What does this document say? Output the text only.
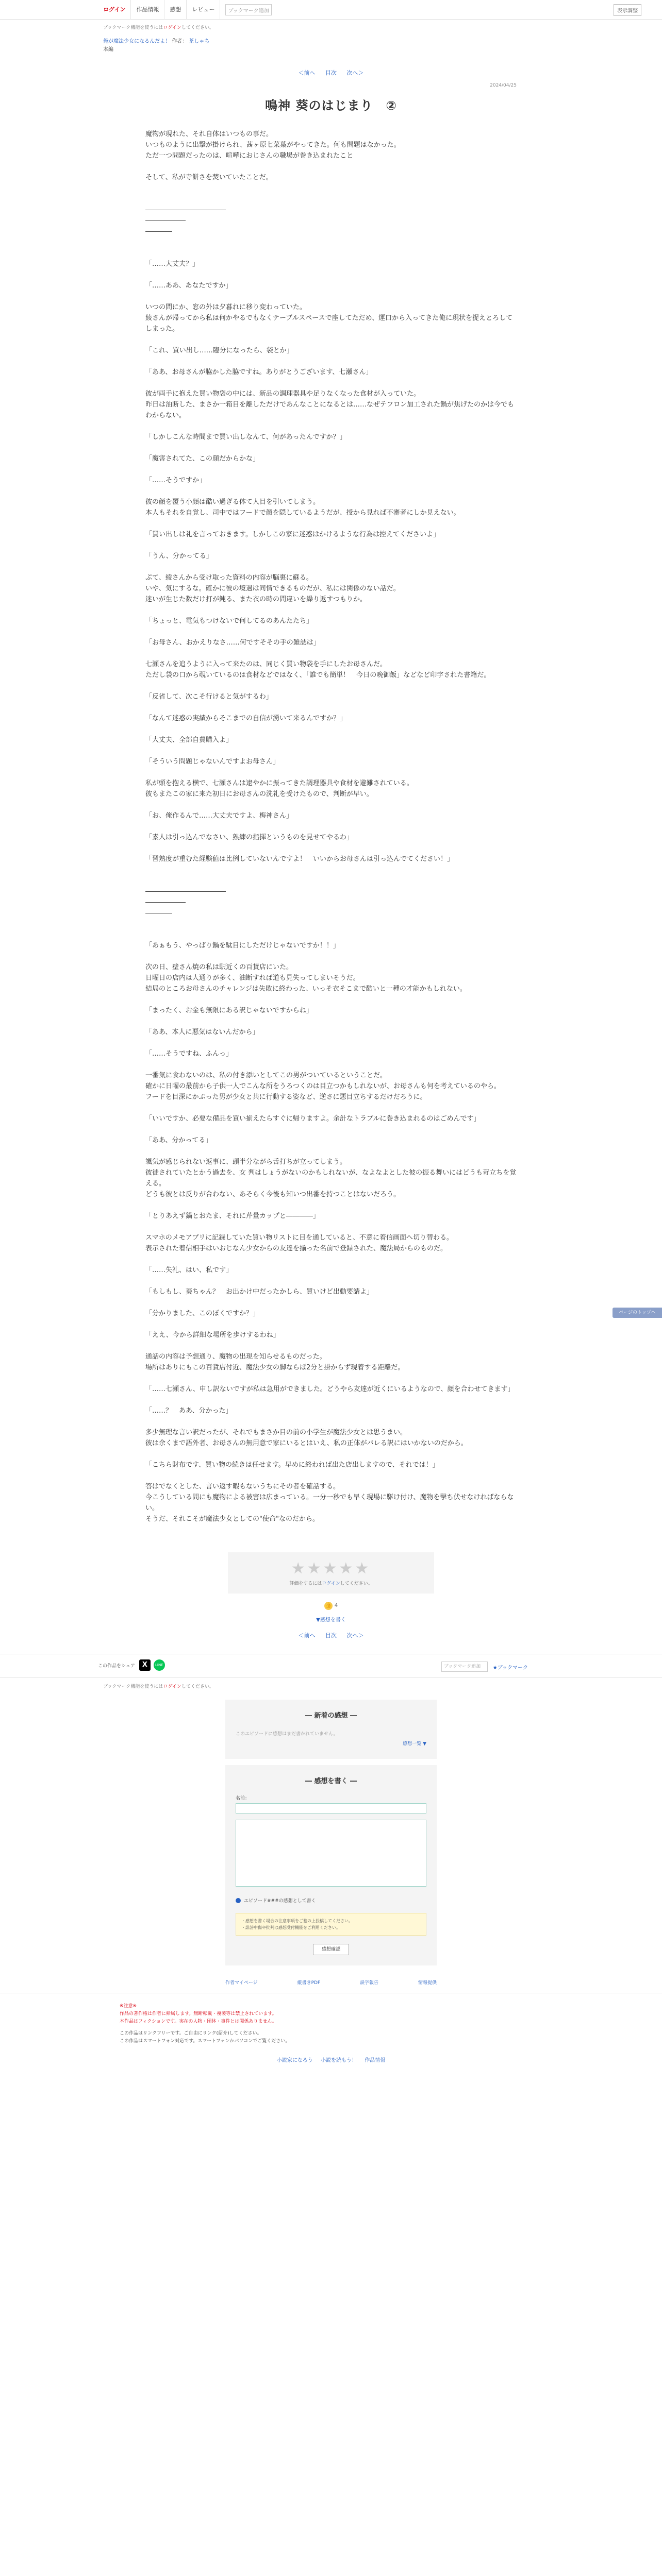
ログイン	作品情報	感想	レビュー	ブックマーク追加	表示調整
ブックマーク機能を使うにはログインしてください。
俺が魔法少女になるんだよ！ 作者： 茶しゃち
本編
＜前へ 目次 次へ＞
2024/04/25
鳴神 葵のはじまり　②

魔物が現れた、それ自体はいつもの事だ。

いつものように出撃が掛けられ、茜ヶ原七菜葉がやってきた。何も問題はなかった。

ただ一つ問題だったのは、喧嘩におじさんの職場が巻き込まれたこと

そして、私が寺餅さを焚いていたことだ。

――――――――――――

――――――

――――

「……大丈夫？」

「……ああ、あなたですか」

いつの間にか、窓の外は夕暮れに移り変わっていた。

綾さんが帰ってから私は何かやるでもなくテーブルスペースで座してただめ、運口から入ってきた俺に現状を捉えとろしてしまった。

「これ、買い出し……臨分になったら、袋とか」

「ああ、お母さんが脇かした脇ですね。ありがとうございます、七瀬さん」

彼が両手に抱えた買い物袋の中には、新品の調理器具や足りなくなった食材が入っていた。

昨日は油断した、まさか一箱目を離しただけであんなことになるとは……なぜテフロン加工された鍋が焦げたのかは今でもわからない。

「しかしこんな時間まで買い出しなんて、何があったんですか？」

「魔害されてた、この顔だからかな」

「……そうですか」

彼の顔を覆う小顔は酷い過ぎる体て人目を引いてしまう。

本人もそれを自覚し、司中ではフードで顔を隠しているようだが、授から見れば不審者にしか見えない。

「買い出しは礼を言っておきます。しかしこの家に迷惑はかけるような行為は控えてくださいよ」

「うん、分かってる」

ぷて、綾さんから受け取った資料の内容が脳裏に蘇る。

いや、気にするな。確かに彼の境遇は同情できるものだが、私には関係のない話だ。

迷いが生じた数だけ打が鈍る、また衣の時の間違いを繰り返すつもりか。

「ちょっと、電気もつけないで何してるのあんたたち」

「お母さん、おかえりなさ……何ですそその手の雑誌は」

七瀬さんを追うように入って来たのは、同じく買い物袋を手にしたお母さんだ。

ただし袋の口から覗いているのは食材などではなく、「誰でも簡単！　今日の晩御飯」などなど印字された書籍だ。

「反省して、次こそ行けると気がするわ」

「なんて迷惑の実績からそこまでの自信が湧いて来るんですか？」

「大丈夫、全部自費購入よ」

「そういう問題じゃないんですよお母さん」

私が頭を抱える横で、七瀬さんは逮やかに振ってきた調理器具や食材を避難されている。

彼もまたこの家に来た初日にお母さんの洗礼を受けたもので、判断が早い。

「お、俺作るんで……大丈夫ですよ、梅神さん」

「素人は引っ込んでなさい、熟練の指揮というものを見せてやるわ」

「習熟度が重むた経験値は比例していないんですよ！　いいからお母さんは引っ込んでてください！」

――――――――――――

――――――

――――

「あぁもう、やっぱり鍋を駄目にしただけじゃないですか！！」

次の日、壁さん焼の私は駅近くの百貨店にいた。

日曜日の店内は人通りが多く、油断すれば道も見失ってしまいそうだ。

結局のところお母さんのチャレンジは失敗に終わった、いっそ衣そこまで酷いと一種の才能かもしれない。

「まったく、お金も無限にある訳じゃないですからね」

「ああ、本人に悪気はないんだから」

「……そうですね、ふんっ」

一番気に食わないのは、私の付き添いとしてこの男がついているということだ。

確かに日曜の最前から子供一人でこんな所をうろつくのは目立つかもしれないが、お母さんも何を考えているのやら。

フードを目深にかぶった男が少女と共に行動する姿など、逆さに悪目立ちするだけだろうに。

「いいですか、必要な備品を買い揃えたらすぐに帰りますよ。余計なトラブルに巻き込まれるのはごめんです」

「ああ、分かってる」

颯気が感じられない返事に、頭半分ながら舌打ちが立ってしまう。

彼徒されていたとかう過去を、女 判はしょうがないのかもしれないが、なよなよとした彼の振る舞いにはどうも苛立ちを覚える。

どうも彼とは反りが合わない、あそらく今後も知いつ出番を持つことはないだろう。

「とりあえず鍋とおたま、それに芹量カップと――――」

スマホのメモアプリに記録していた買い物リストに目を通していると、不意に着信画面へ切り替わる。

表示された着信相手はいおじなん少女からの友達を揃った名前で登録された、魔法局からのものだ。

「……失礼、はい、私です」

「もしもし、葵ちゃん？　お出かけ中だったかしら、買いけど出動要請よ」

「分かりました、このぼくですか？」

「ええ、今から詳細な場所を歩けするわね」

通話の内容は予想通り、魔物の出現を知らせるものだった。

場所はありにもこの百貨店付近、魔法少女の脚ならば2分と掛からず現着する距離だ。

「……七瀬さん、申し訳ないですが私は急用ができました。どうやら友達が近くにいるようなので、顔を合わせてきます」

「……？　ああ、分かった」

多少無理な言い訳だったが、それでもまさか目の前の小学生が魔法少女とは思うまい。

彼は余くまで語外者、お母さんの無用意で家にいるとはいえ、私の正体がバレる訳にはいかないのだから。

「こちら財布です、買い物の続きは任せます。早めに終われば出た店出しますので、それでは！」

答はでなくとした、言い返す暇もないうちにその者を確話する。

今こうしている間にも魔物による被害は広まっている。一分一秒でも早く現場に駆け付け、魔物を撃ち伏せなければならない。

そうだ、それこそが魔法少女としての"使命"なのだから。

★★★★★
評価をするにはログインしてください。
👍 4
▼感想を書く
＜前へ 目次 次へ＞
ページのトップへ
この作品をシェア	X	LINE	ブックマーク追加	★ブックマーク
ブックマーク機能を使うにはログインしてください。
― 新着の感想 ―
このエピソードに感想はまだ書かれていません。
感想一覧 ▼
― 感想を書く ―
名前：
エピソード###の感想として書く
・感想を書く場合の注意事項をご覧の上投稿してください。
・誹謗中傷や批判は感想受付機能をご利用ください。
感想確認
作者マイページ	縦書きPDF	誤字報告	情報提供
※注意※
作品の著作権は作者に帰属します。無断転載・複製等は禁止されています。
本作品はフィクションです。実在の人物・団体・事件とは関係ありません。
この作品はリンクフリーです。ご自由にリンク(紹介)してください。
この作品はスマートフォン対応です。スマートフォンかパソコンでご覧ください。
小説家になろう 小説を読もう！ 作品情報
